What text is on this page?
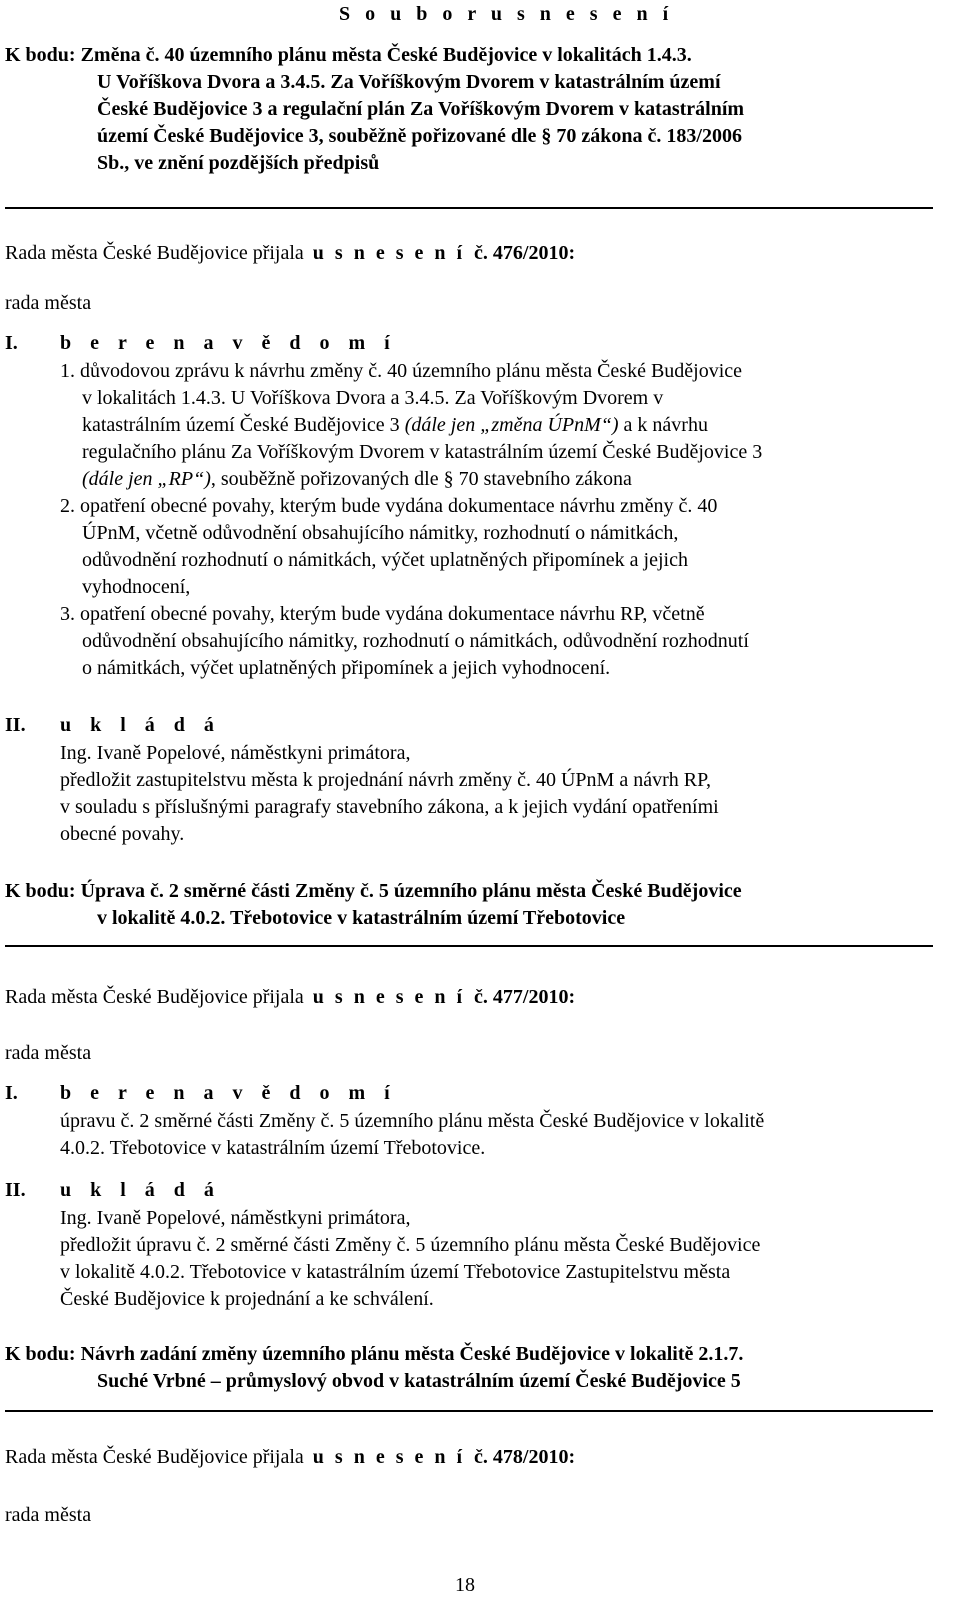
S o u b o r u s n e s e n í
K bodu: Změna č. 40 územního plánu města České Budějovice v lokalitách 1.4.3.
U Voříškova Dvora a 3.4.5. Za Voříškovým Dvorem v katastrálním území
České Budějovice 3 a regulační plán Za Voříškovým Dvorem v katastrálním
území České Budějovice 3, souběžně pořizované dle § 70 zákona č. 183/2006
Sb., ve znění pozdějších předpisů
Rada města České Budějovice přijala u s n e s e n í č. 476/2010:
rada města
I. b e r e n a v ě d o m í
1. důvodovou zprávu k návrhu změny č. 40 územního plánu města České Budějovice
v lokalitách 1.4.3. U Voříškova Dvora a 3.4.5. Za Voříškovým Dvorem v
katastrálním území České Budějovice 3 (dále jen „změna ÚPnM“) a k návrhu
regulačního plánu Za Voříškovým Dvorem v katastrálním území České Budějovice 3
(dále jen „RP“), souběžně pořizovaných dle § 70 stavebního zákona
2. opatření obecné povahy, kterým bude vydána dokumentace návrhu změny č. 40
ÚPnM, včetně odůvodnění obsahujícího námitky, rozhodnutí o námitkách,
odůvodnění rozhodnutí o námitkách, výčet uplatněných připomínek a jejich
vyhodnocení,
3. opatření obecné povahy, kterým bude vydána dokumentace návrhu RP, včetně
odůvodnění obsahujícího námitky, rozhodnutí o námitkách, odůvodnění rozhodnutí
o námitkách, výčet uplatněných připomínek a jejich vyhodnocení.
II. u k l á d á
Ing. Ivaně Popelové, náměstkyni primátora,
předložit zastupitelstvu města k projednání návrh změny č. 40 ÚPnM a návrh RP,
v souladu s příslušnými paragrafy stavebního zákona, a k jejich vydání opatřeními
obecné povahy.
K bodu: Úprava č. 2 směrné části Změny č. 5 územního plánu města České Budějovice
v lokalitě 4.0.2. Třebotovice v katastrálním území Třebotovice
Rada města České Budějovice přijala u s n e s e n í č. 477/2010:
rada města
I. b e r e n a v ě d o m í
úpravu č. 2 směrné části Změny č. 5 územního plánu města České Budějovice v lokalitě
4.0.2. Třebotovice v katastrálním území Třebotovice.
II. u k l á d á
Ing. Ivaně Popelové, náměstkyni primátora,
předložit úpravu č. 2 směrné části Změny č. 5 územního plánu města České Budějovice
v lokalitě 4.0.2. Třebotovice v katastrálním území Třebotovice Zastupitelstvu města
České Budějovice k projednání a ke schválení.
K bodu: Návrh zadání změny územního plánu města České Budějovice v lokalitě 2.1.7.
Suché Vrbné – průmyslový obvod v katastrálním území České Budějovice 5
Rada města České Budějovice přijala u s n e s e n í č. 478/2010:
rada města
18
